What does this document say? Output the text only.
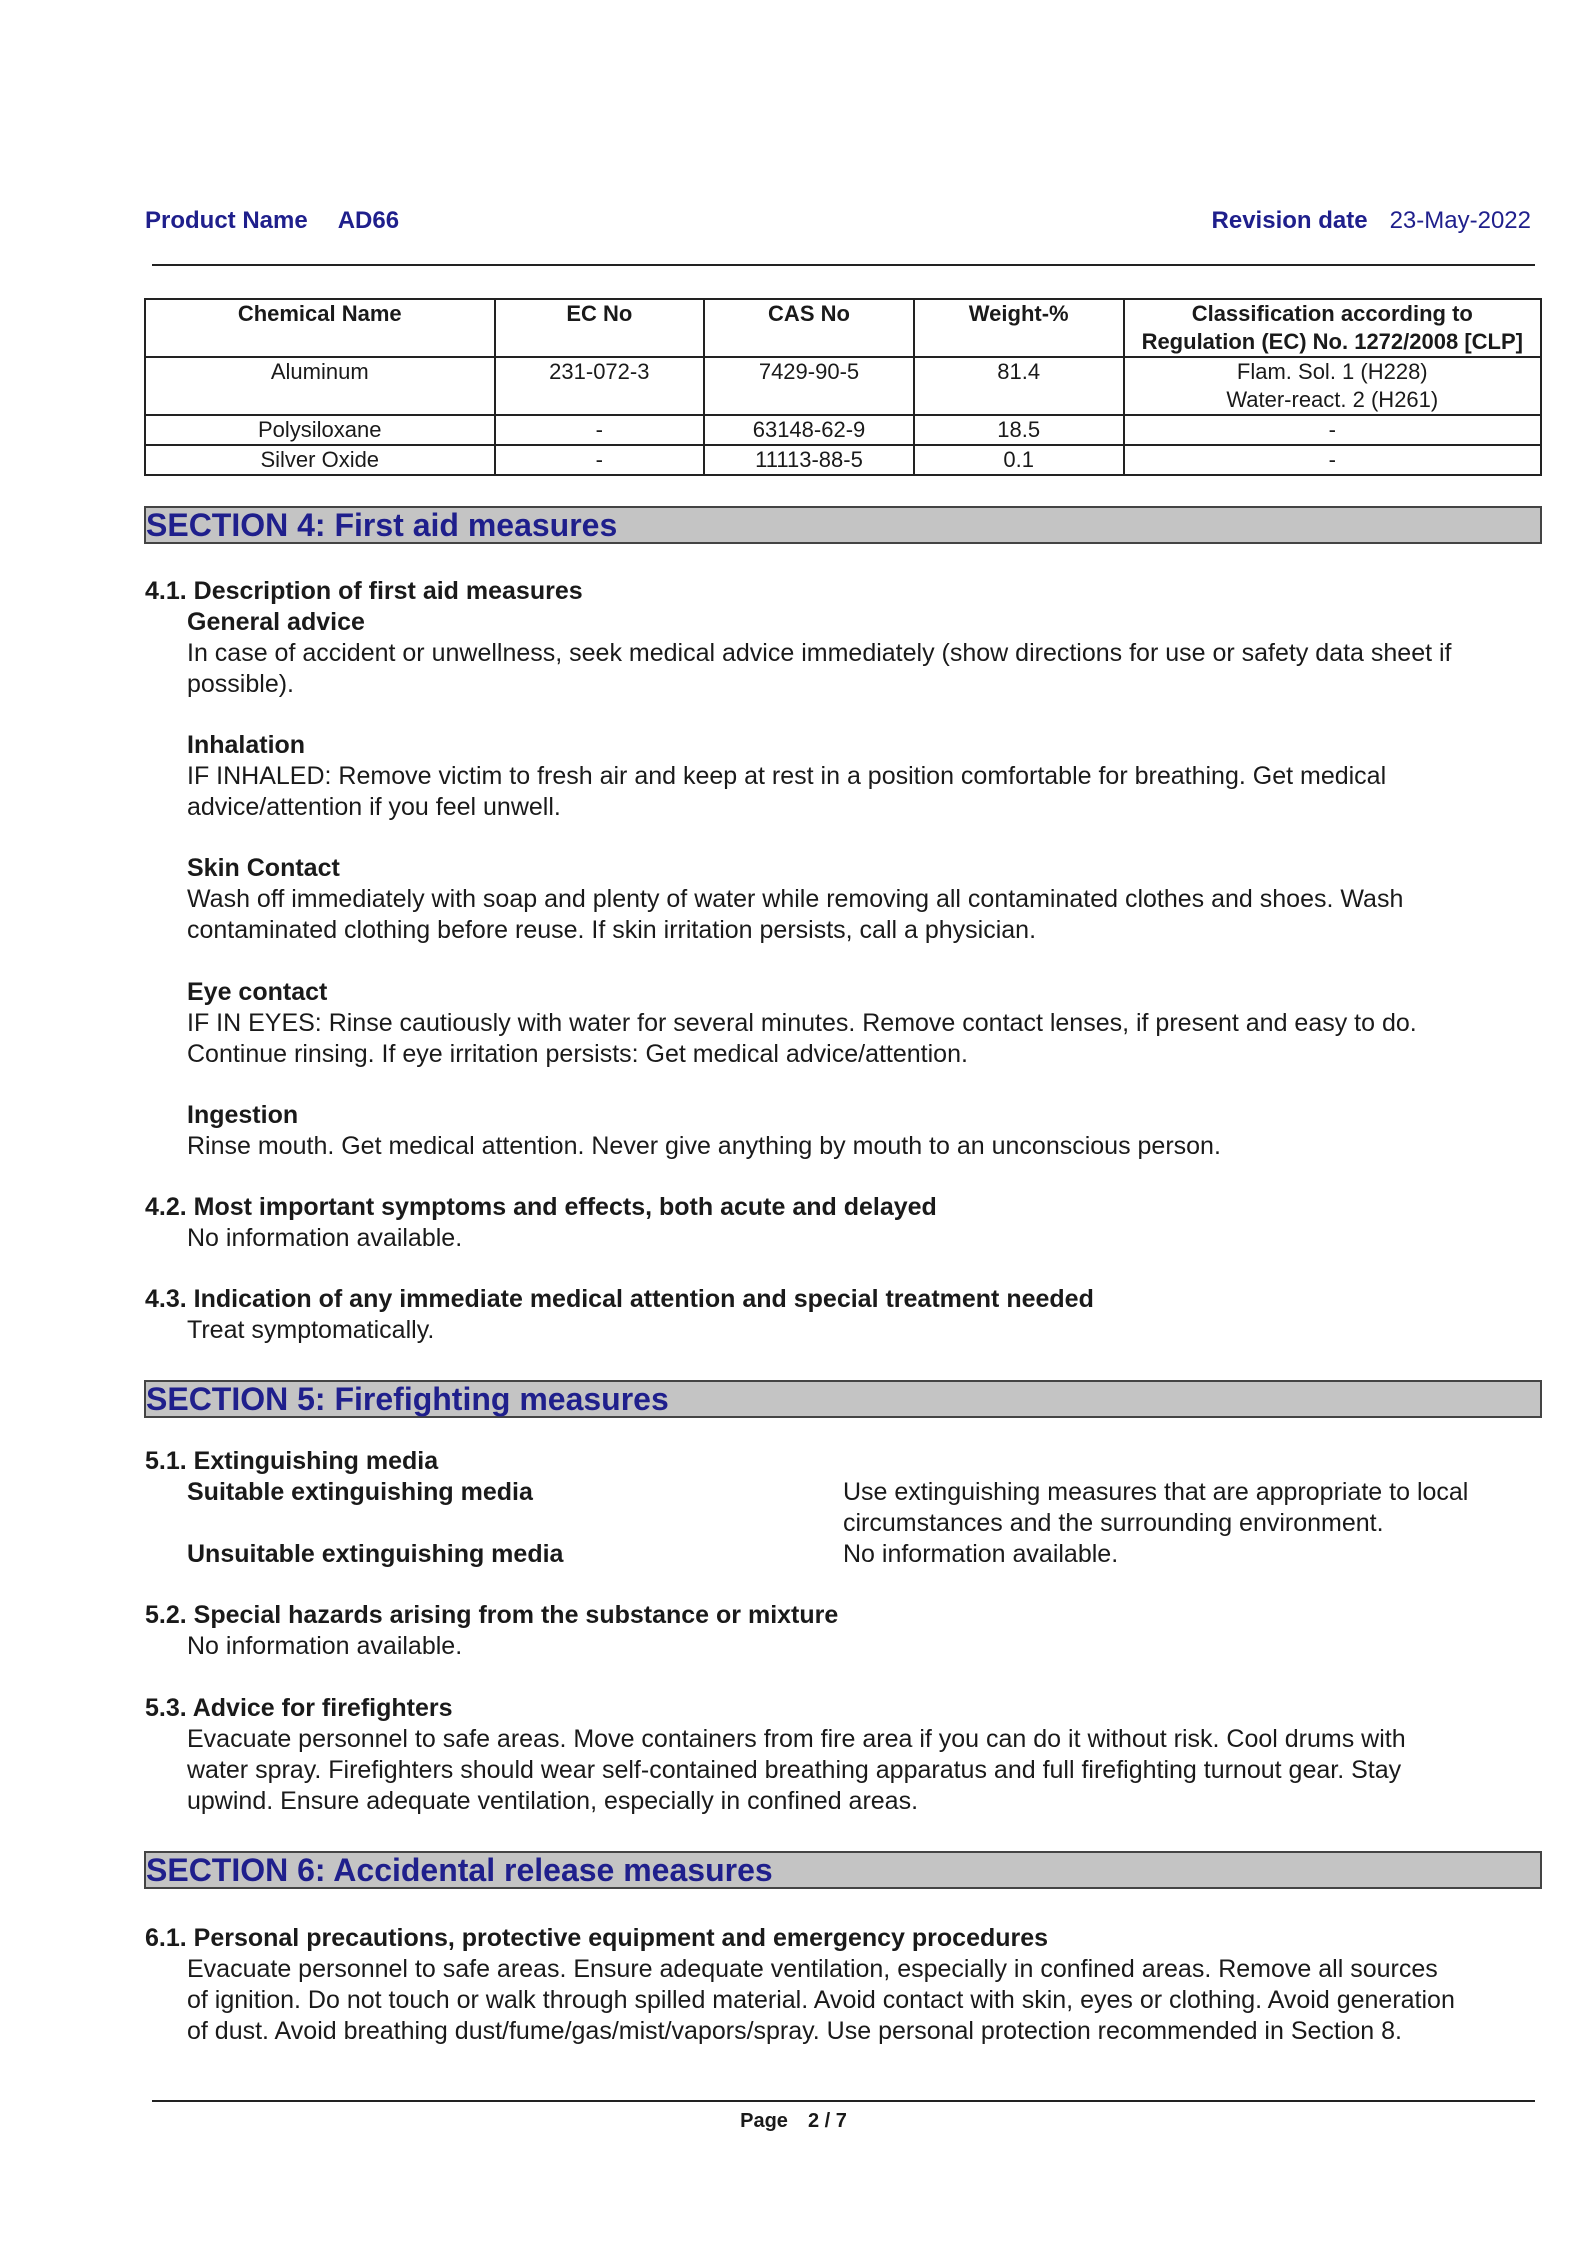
Product Name AD66	Revision date 23-May-2022
Chemical Name	EC No	CAS No	Weight-%	Classification according to
Regulation (EC) No. 1272/2008 [CLP]

Aluminum	231-072-3	7429-90-5	81.4	Flam. Sol. 1 (H228)
Water-react. 2 (H261)

Polysiloxane	-	63148-62-9	18.5	-
Silver Oxide	-	11113-88-5	0.1	-
SECTION 4: First aid measures
4.1. Description of first aid measures
General advice
In case of accident or unwellness, seek medical advice immediately (show directions for use or safety data sheet if
possible).
Inhalation
IF INHALED: Remove victim to fresh air and keep at rest in a position comfortable for breathing. Get medical
advice/attention if you feel unwell.
Skin Contact
Wash off immediately with soap and plenty of water while removing all contaminated clothes and shoes. Wash
contaminated clothing before reuse. If skin irritation persists, call a physician.
Eye contact
IF IN EYES: Rinse cautiously with water for several minutes. Remove contact lenses, if present and easy to do.
Continue rinsing. If eye irritation persists: Get medical advice/attention.
Ingestion
Rinse mouth. Get medical attention. Never give anything by mouth to an unconscious person.
4.2. Most important symptoms and effects, both acute and delayed
No information available.
4.3. Indication of any immediate medical attention and special treatment needed
Treat symptomatically.
SECTION 5: Firefighting measures
5.1. Extinguishing media
Suitable extinguishing media	Use extinguishing measures that are appropriate to local
circumstances and the surrounding environment.
Unsuitable extinguishing media	No information available.
5.2. Special hazards arising from the substance or mixture
No information available.
5.3. Advice for firefighters
Evacuate personnel to safe areas. Move containers from fire area if you can do it without risk. Cool drums with
water spray. Firefighters should wear self-contained breathing apparatus and full firefighting turnout gear. Stay
upwind. Ensure adequate ventilation, especially in confined areas.
SECTION 6: Accidental release measures
6.1. Personal precautions, protective equipment and emergency procedures
Evacuate personnel to safe areas. Ensure adequate ventilation, especially in confined areas. Remove all sources
of ignition. Do not touch or walk through spilled material. Avoid contact with skin, eyes or clothing. Avoid generation
of dust. Avoid breathing dust/fume/gas/mist/vapors/spray. Use personal protection recommended in Section 8.
Page 2 / 7
